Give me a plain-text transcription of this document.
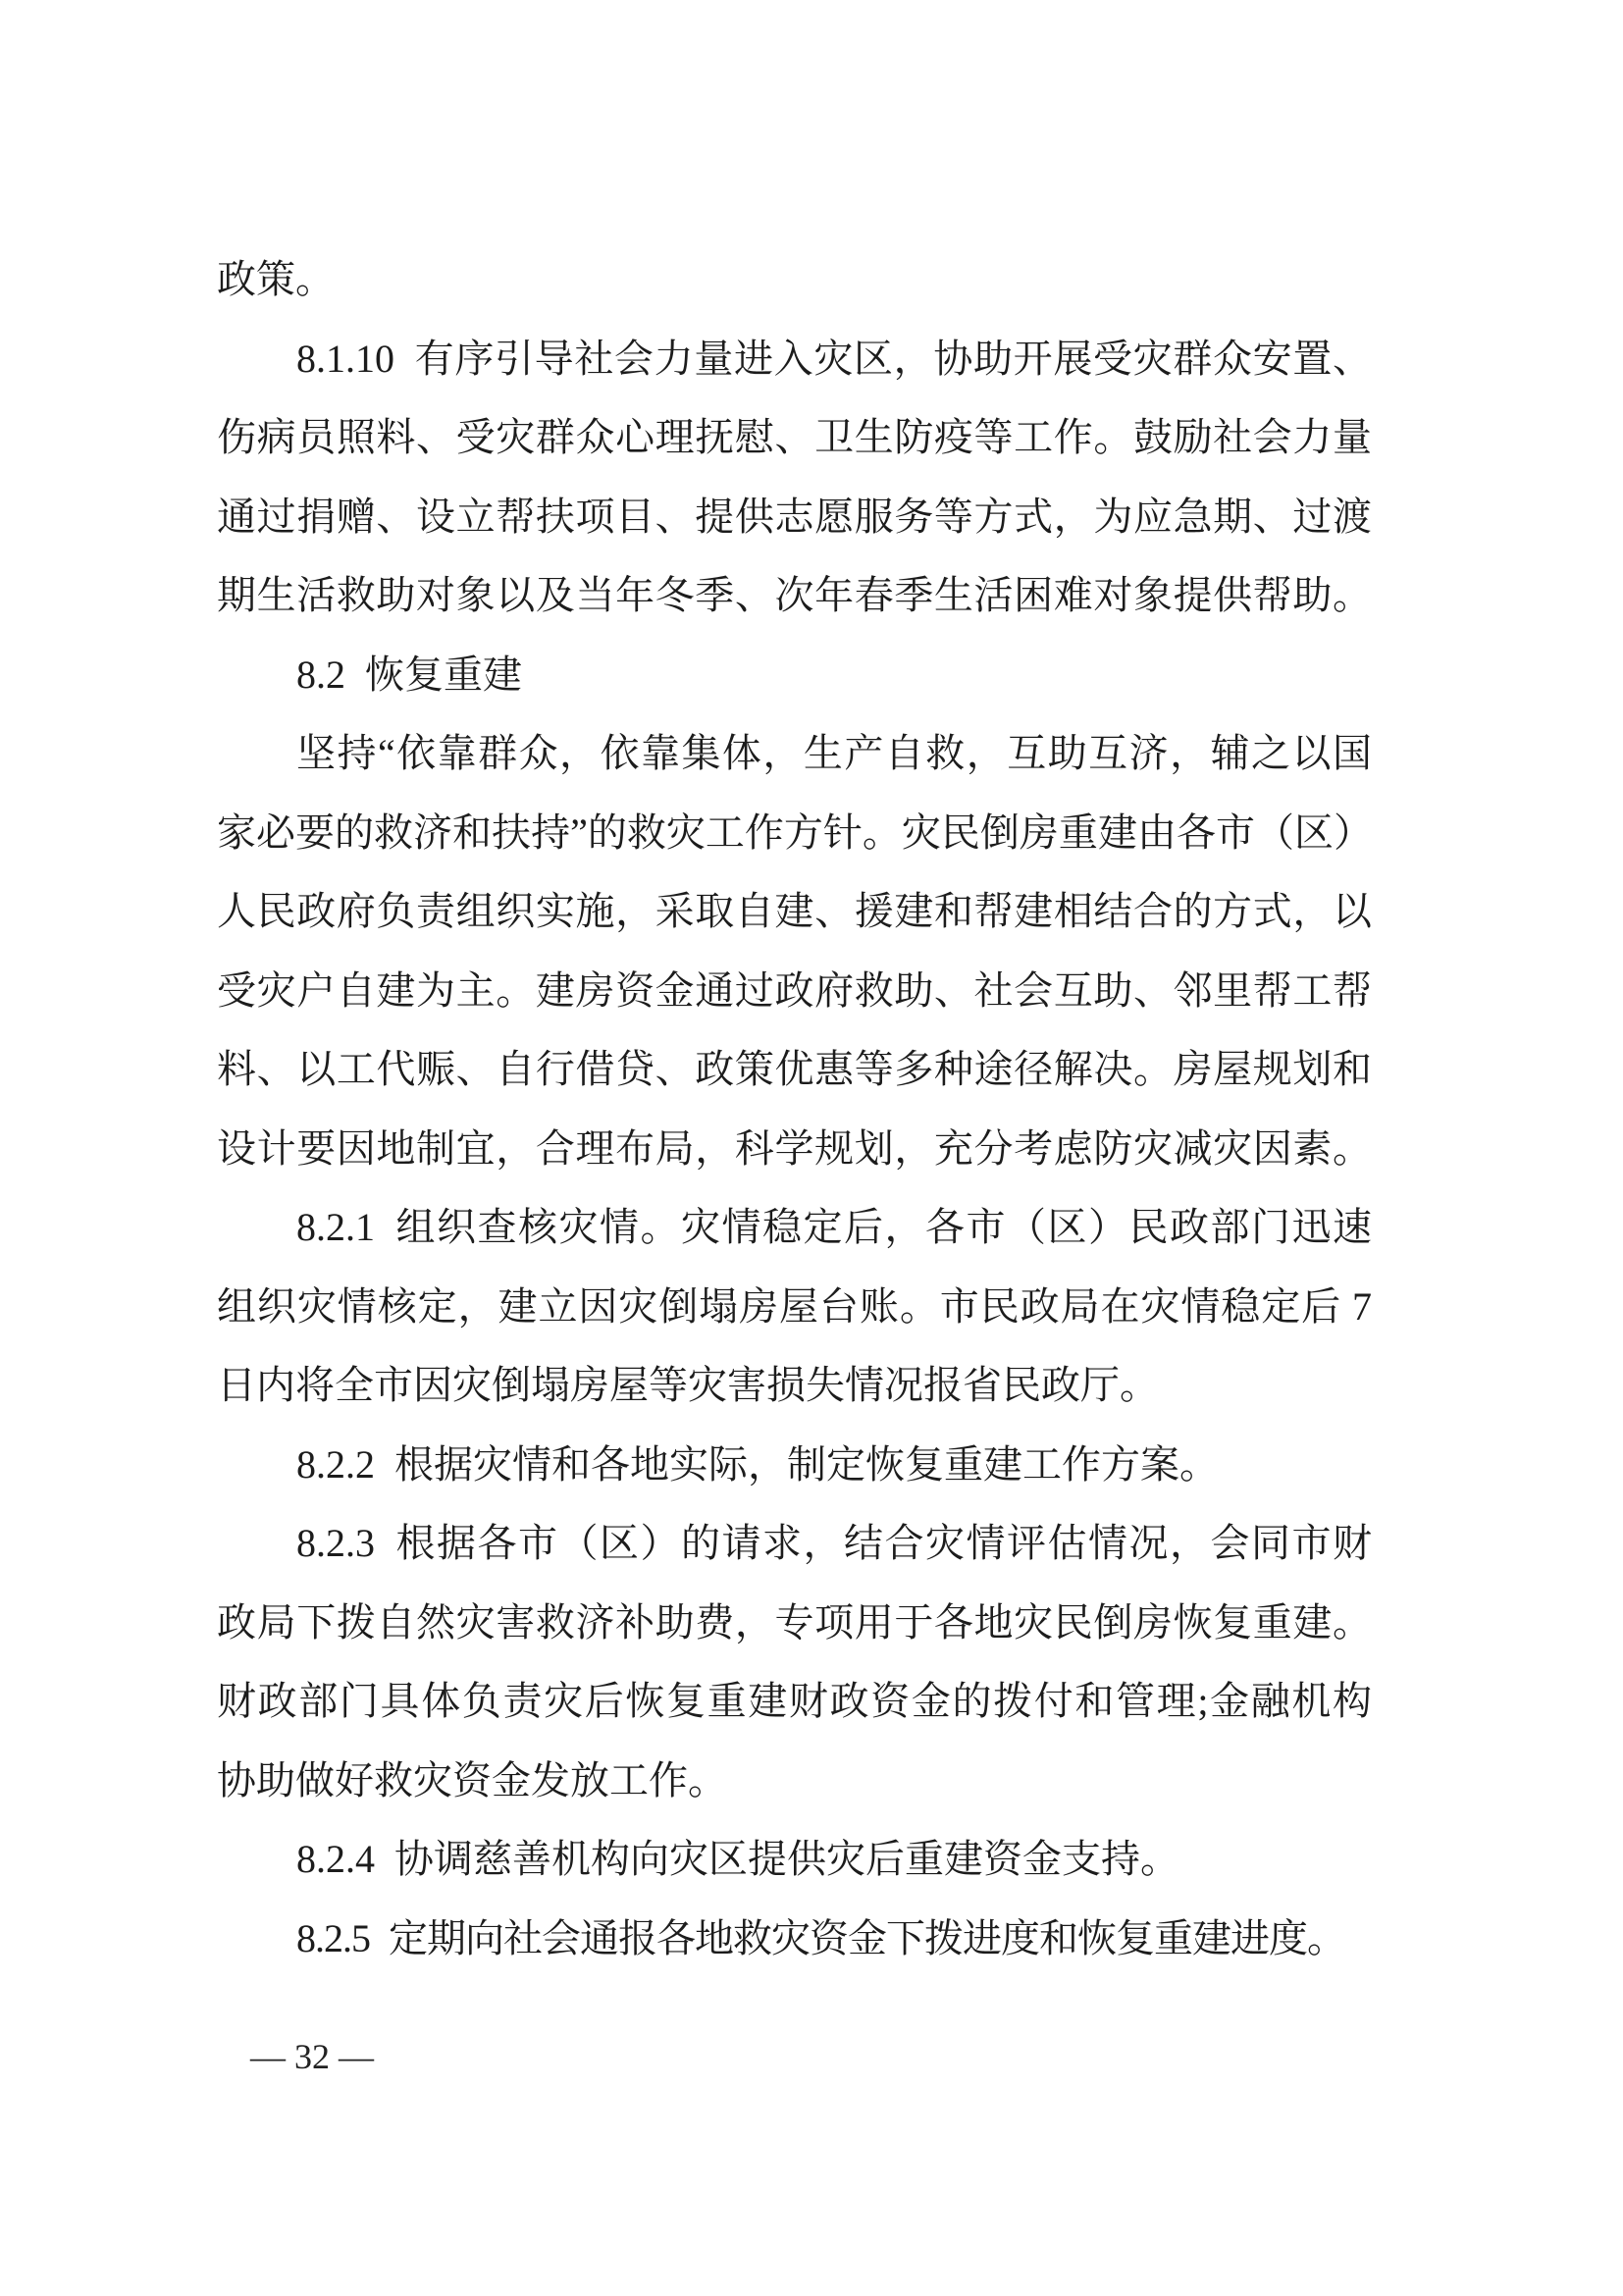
政策。
8.1.10 有序引导社会力量进入灾区，协助开展受灾群众安置、
伤病员照料、受灾群众心理抚慰、卫生防疫等工作。鼓励社会力量
通过捐赠、设立帮扶项目、提供志愿服务等方式，为应急期、过渡
期生活救助对象以及当年冬季、次年春季生活困难对象提供帮助。
8.2 恢复重建
坚持“依靠群众，依靠集体，生产自救，互助互济，辅之以国
家必要的救济和扶持”的救灾工作方针。灾民倒房重建由各市（区）
人民政府负责组织实施，采取自建、援建和帮建相结合的方式，以
受灾户自建为主。建房资金通过政府救助、社会互助、邻里帮工帮
料、以工代赈、自行借贷、政策优惠等多种途径解决。房屋规划和
设计要因地制宜，合理布局，科学规划，充分考虑防灾减灾因素。
8.2.1 组织查核灾情。灾情稳定后，各市（区）民政部门迅速
组织灾情核定，建立因灾倒塌房屋台账。市民政局在灾情稳定后 7
日内将全市因灾倒塌房屋等灾害损失情况报省民政厅。
8.2.2 根据灾情和各地实际，制定恢复重建工作方案。
8.2.3 根据各市（区）的请求，结合灾情评估情况，会同市财
政局下拨自然灾害救济补助费，专项用于各地灾民倒房恢复重建。
财政部门具体负责灾后恢复重建财政资金的拨付和管理;金融机构
协助做好救灾资金发放工作。
8.2.4 协调慈善机构向灾区提供灾后重建资金支持。
8.2.5 定期向社会通报各地救灾资金下拨进度和恢复重建进度。
— 32 —
